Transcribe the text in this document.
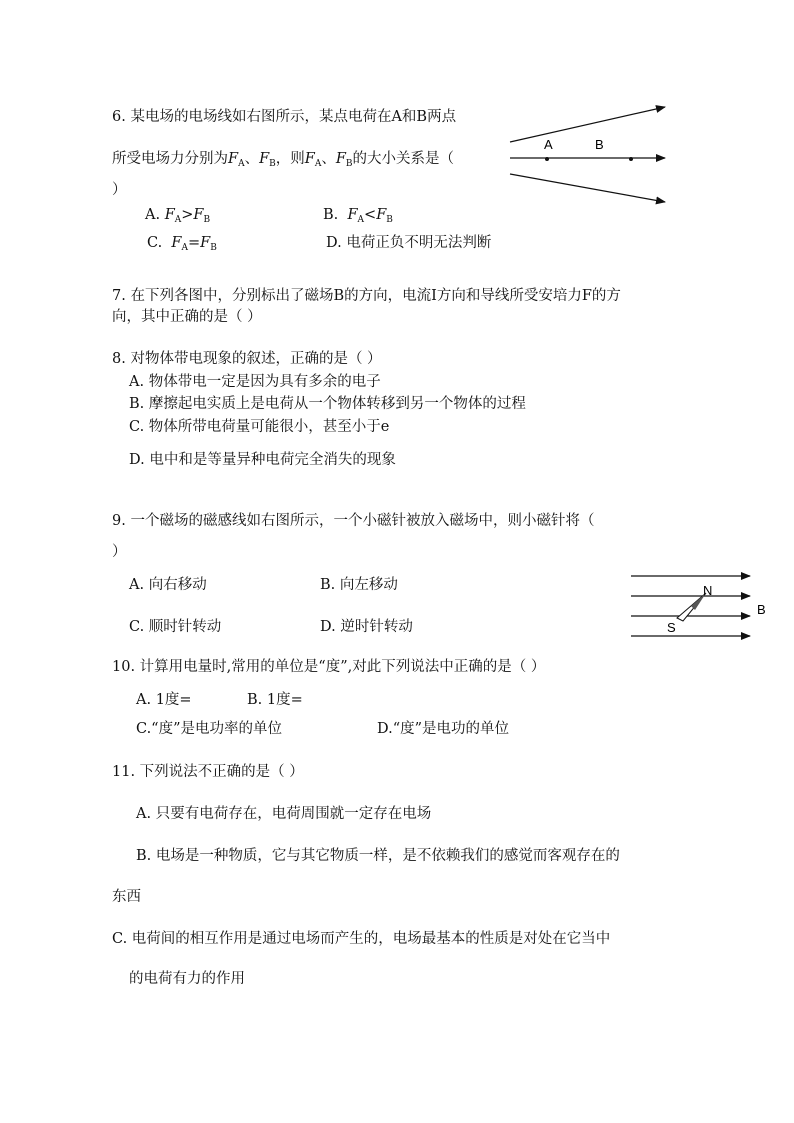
6. 某电场的电场线如右图所示，某点电荷在A和B两点
所受电场力分别为$F_A$、$F_B$，则$F_A$、$F_B$的大小关系是（
）
A. $F_A>F_B$	B. $F_A<F_B$
C. $F_A=F_B$	D. 电荷正负不明无法判断
A	B
7. 在下列各图中，分别标出了磁场B的方向，电流I方向和导线所受安培力F的方
向，其中正确的是（ ）
8. 对物体带电现象的叙述，正确的是（ ）
A. 物体带电一定是因为具有多余的电子
B. 摩擦起电实质上是电荷从一个物体转移到另一个物体的过程
C. 物体所带电荷量可能很小，甚至小于e
D. 电中和是等量异种电荷完全消失的现象
9. 一个磁场的磁感线如右图所示，一个小磁针被放入磁场中，则小磁针将（
）
A. 向右移动	B. 向左移动
C. 顺时针转动	D. 逆时针转动
N
S
B
10. 计算用电量时,常用的单位是“度”,对此下列说法中正确的是（ ）
A. 1度=	B. 1度=
C.“度”是电功率的单位	D.“度”是电功的单位
11. 下列说法不正确的是（ ）
A. 只要有电荷存在，电荷周围就一定存在电场
B. 电场是一种物质，它与其它物质一样，是不依赖我们的感觉而客观存在的
东西
C. 电荷间的相互作用是通过电场而产生的，电场最基本的性质是对处在它当中
的电荷有力的作用
